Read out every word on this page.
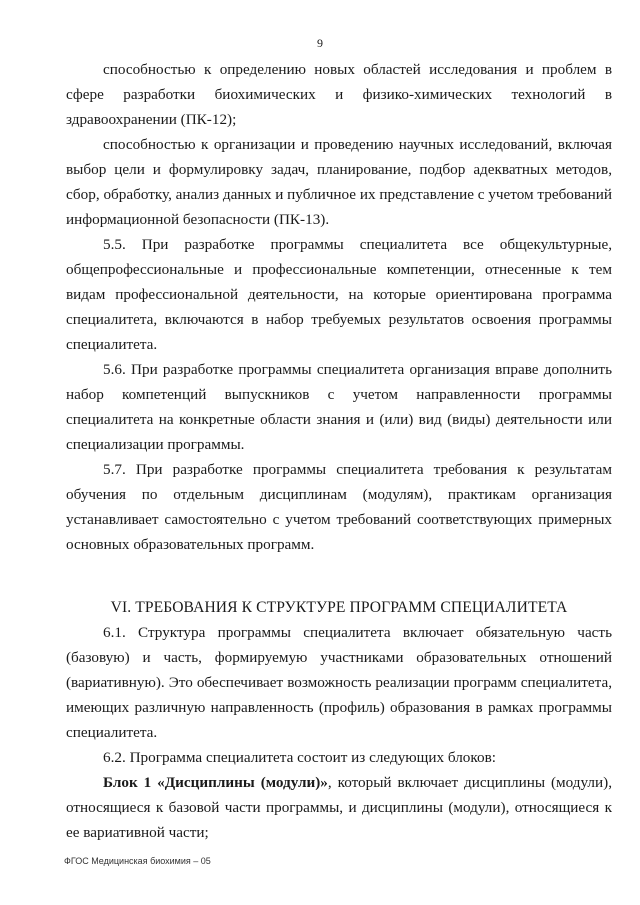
9

способностью к определению новых областей исследования и проблем в сфере разработки биохимических и физико-химических технологий в здравоохранении (ПК-12);

способностью к организации и проведению научных исследований, включая выбор цели и формулировку задач, планирование, подбор адекватных методов, сбор, обработку, анализ данных и публичное их представление с учетом требований информационной безопасности (ПК-13).

5.5. При разработке программы специалитета все общекультурные, общепрофессиональные и профессиональные компетенции, отнесенные к тем видам профессиональной деятельности, на которые ориентирована программа специалитета, включаются в набор требуемых результатов освоения программы специалитета.

5.6. При разработке программы специалитета организация вправе дополнить набор компетенций выпускников с учетом направленности программы специалитета на конкретные области знания и (или) вид (виды) деятельности или специализации программы.

5.7. При разработке программы специалитета требования к результатам обучения по отдельным дисциплинам (модулям), практикам организация устанавливает самостоятельно с учетом требований соответствующих примерных основных образовательных программ.

VI. ТРЕБОВАНИЯ К СТРУКТУРЕ ПРОГРАММ СПЕЦИАЛИТЕТА

6.1. Структура программы специалитета включает обязательную часть (базовую) и часть, формируемую участниками образовательных отношений (вариативную). Это обеспечивает возможность реализации программ специалитета, имеющих различную направленность (профиль) образования в рамках программы специалитета.

6.2. Программа специалитета состоит из следующих блоков:

Блок 1 «Дисциплины (модули)», который включает дисциплины (модули), относящиеся к базовой части программы, и дисциплины (модули), относящиеся к ее вариативной части;

ФГОС Медицинская биохимия – 05
